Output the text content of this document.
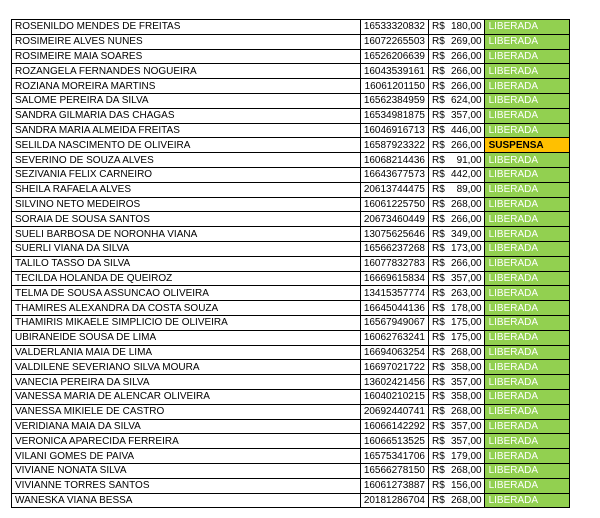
ROSENILDO MENDES DE FREITAS	16533320832	R$	180,00	LIBERADA
ROSIMEIRE ALVES NUNES	16072265503	R$	269,00	LIBERADA
ROSIMEIRE MAIA SOARES	16526206639	R$	266,00	LIBERADA
ROZANGELA FERNANDES NOGUEIRA	16043539161	R$	266,00	LIBERADA
ROZIANA MOREIRA MARTINS	16061201150	R$	266,00	LIBERADA
SALOME PEREIRA DA SILVA	16562384959	R$	624,00	LIBERADA
SANDRA GILMARIA DAS CHAGAS	16534981875	R$	357,00	LIBERADA
SANDRA MARIA ALMEIDA FREITAS	16046916713	R$	446,00	LIBERADA
SELILDA NASCIMENTO DE OLIVEIRA	16587923322	R$	266,00	SUSPENSA
SEVERINO DE SOUZA ALVES	16068214436	R$	91,00	LIBERADA
SEZIVANIA FELIX CARNEIRO	16643677573	R$	442,00	LIBERADA
SHEILA RAFAELA ALVES	20613744475	R$	89,00	LIBERADA
SILVINO NETO MEDEIROS	16061225750	R$	268,00	LIBERADA
SORAIA DE SOUSA SANTOS	20673460449	R$	266,00	LIBERADA
SUELI BARBOSA DE NORONHA VIANA	13075625646	R$	349,00	LIBERADA
SUERLI VIANA DA SILVA	16566237268	R$	173,00	LIBERADA
TALILO TASSO DA SILVA	16077832783	R$	266,00	LIBERADA
TECILDA HOLANDA DE QUEIROZ	16669615834	R$	357,00	LIBERADA
TELMA DE SOUSA ASSUNCAO OLIVEIRA	13415357774	R$	263,00	LIBERADA
THAMIRES ALEXANDRA DA COSTA SOUZA	16645044136	R$	178,00	LIBERADA
THAMIRIS MIKAELE SIMPLICIO DE OLIVEIRA	16567949067	R$	175,00	LIBERADA
UBIRANEIDE SOUSA DE LIMA	16062763241	R$	175,00	LIBERADA
VALDERLANIA MAIA DE LIMA	16694063254	R$	268,00	LIBERADA
VALDILENE SEVERIANO SILVA MOURA	16697021722	R$	358,00	LIBERADA
VANECIA PEREIRA DA SILVA	13602421456	R$	357,00	LIBERADA
VANESSA MARIA DE ALENCAR OLIVEIRA	16040210215	R$	358,00	LIBERADA
VANESSA MIKIELE DE CASTRO	20692440741	R$	268,00	LIBERADA
VERIDIANA MAIA DA SILVA	16066142292	R$	357,00	LIBERADA
VERONICA APARECIDA FERREIRA	16066513525	R$	357,00	LIBERADA
VILANI GOMES DE PAIVA	16575341706	R$	179,00	LIBERADA
VIVIANE NONATA SILVA	16566278150	R$	268,00	LIBERADA
VIVIANNE TORRES SANTOS	16061273887	R$	156,00	LIBERADA
WANESKA VIANA BESSA	20181286704	R$	268,00	LIBERADA
